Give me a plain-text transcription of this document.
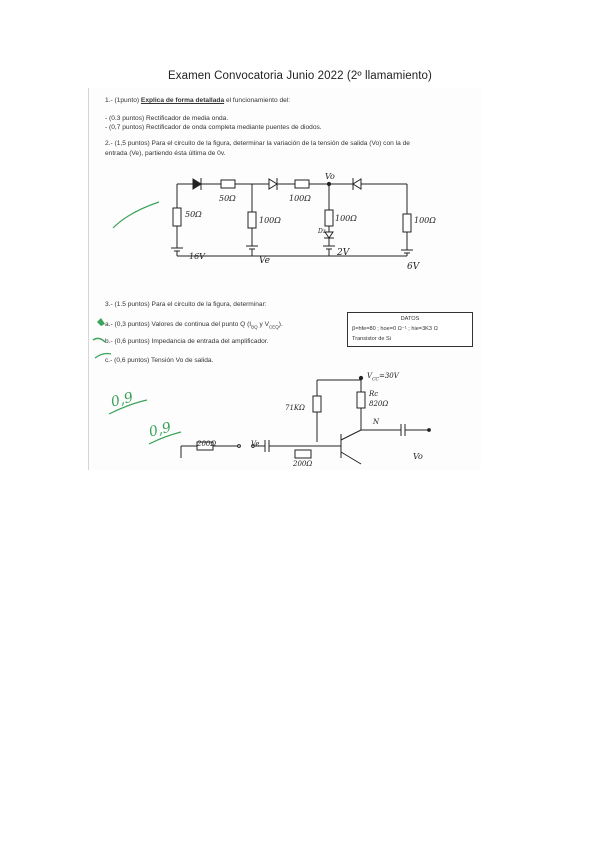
Examen Convocatoria Junio 2022 (2º llamamiento)
1.- (1punto) Explica de forma detallada el funcionamiento del:
- (0.3 puntos) Rectificador de media onda.
- (0,7 puntos) Rectificador de onda completa mediante puentes de diodos.
2.- (1,5 puntos) Para el circuito de la figura, determinar la variación de la tensión de salida (Vo) con la de
entrada (Ve), partiendo ésta última de 0v.
50Ω
50Ω
100Ω
100Ω
Vo
100Ω
Dz
100Ω
16V	Ve
2V
6V
3.- (1.5 puntos) Para el circuito de la figura, determinar:
a.- (0,3 puntos) Valores de continua del punto Q ($I_{BQ}$ y $V_{CEQ}$).
b.- (0,6 puntos) Impedancia de entrada del amplificador.
c.- (0,6 puntos) Tensión Vo de salida.
DATOS
β=hfe=80 ; hoe=0 Ω⁻¹ ; hie=3K3 Ω
Transistor de Si
$V_{CC}=30V$
71KΩ
Rc
820Ω
N
200Ω	Ve
200Ω
Vo
0,9
0,9
